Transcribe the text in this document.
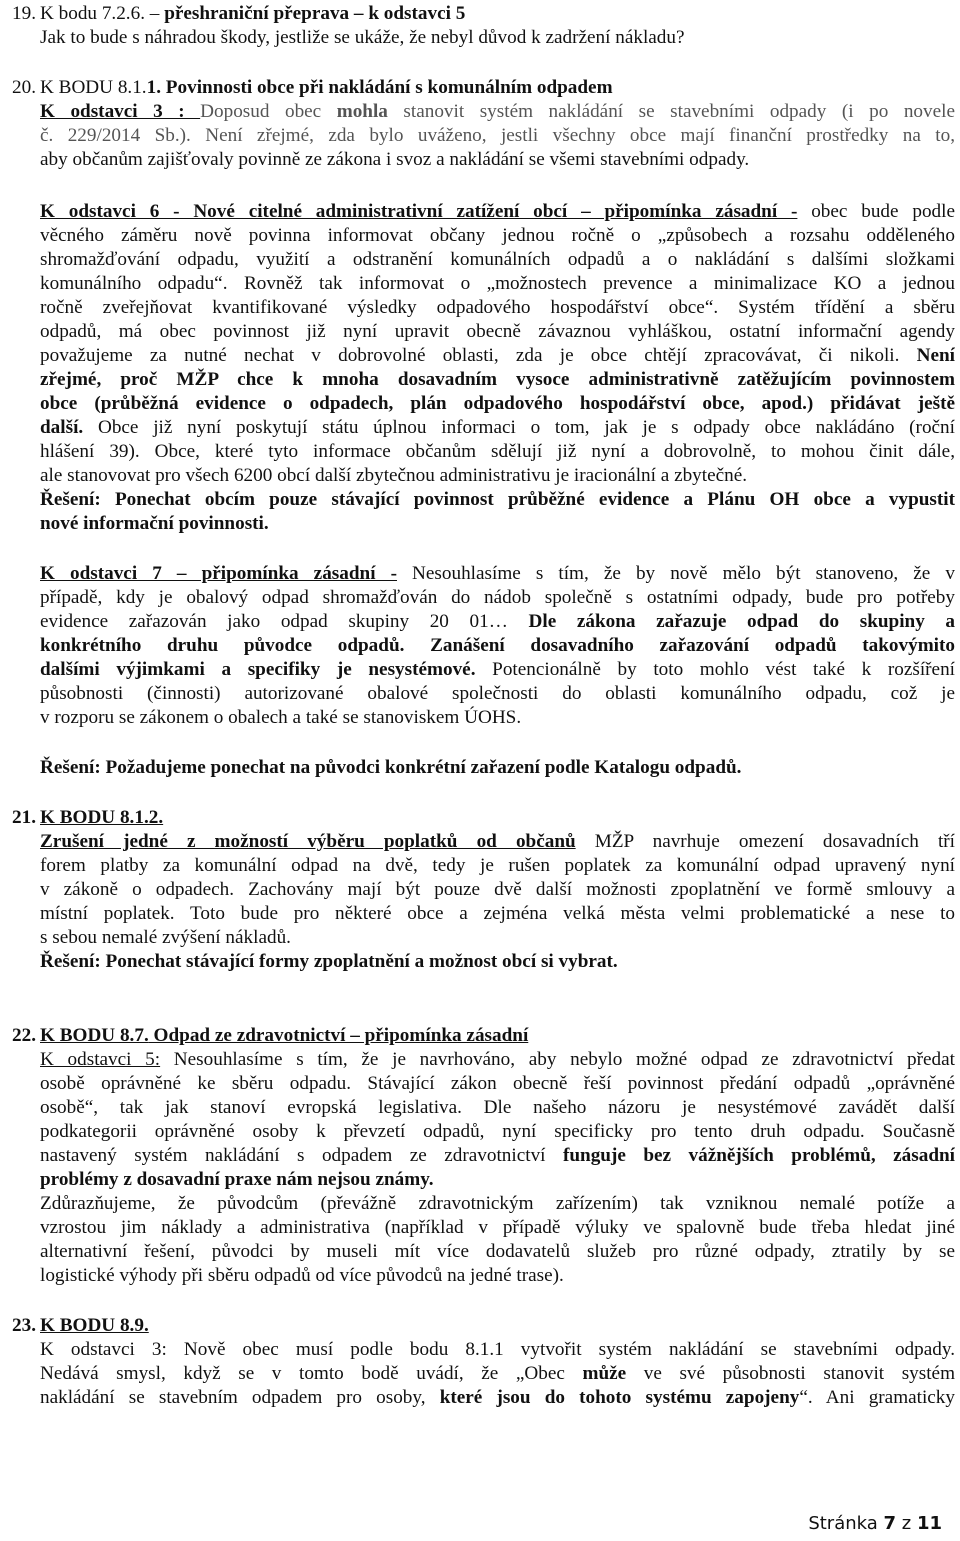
19. K bodu 7.2.6. – přeshraniční přeprava – k odstavci 5
Jak to bude s náhradou škody, jestliže se ukáže, že nebyl důvod k zadržení nákladu?
20. K BODU 8.1.1. Povinnosti obce při nakládání s komunálním odpadem
K odstavci 3 : Doposud obec mohla stanovit systém nakládání se stavebními odpady (i po novele
č. 229/2014 Sb.). Není zřejmé, zda bylo uváženo, jestli všechny obce mají finanční prostředky na to,
aby občanům zajišťovaly povinně ze zákona i svoz a nakládání se všemi stavebními odpady.
K odstavci 6 - Nové citelné administrativní zatížení obcí – připomínka zásadní - obec bude podle
věcného záměru nově povinna informovat občany jednou ročně o „způsobech a rozsahu odděleného
shromažďování odpadu, využití a odstranění komunálních odpadů a o nakládání s dalšími složkami
komunálního odpadu“. Rovněž tak informovat o „možnostech prevence a minimalizace KO a jednou
ročně zveřejňovat kvantifikované výsledky odpadového hospodářství obce“. Systém třídění a sběru
odpadů, má obec povinnost již nyní upravit obecně závaznou vyhláškou, ostatní informační agendy
považujeme za nutné nechat v dobrovolné oblasti, zda je obce chtějí zpracovávat, či nikoli. Není
zřejmé, proč MŽP chce k mnoha dosavadním vysoce administrativně zatěžujícím povinnostem
obce (průběžná evidence o odpadech, plán odpadového hospodářství obce, apod.) přidávat ještě
další. Obce již nyní poskytují státu úplnou informaci o tom, jak je s odpady obce nakládáno (roční
hlášení 39). Obce, které tyto informace občanům sdělují již nyní a dobrovolně, to mohou činit dále,
ale stanovovat pro všech 6200 obcí další zbytečnou administrativu je iracionální a zbytečné.
Řešení: Ponechat obcím pouze stávající povinnost průběžné evidence a Plánu OH obce a vypustit
nové informační povinnosti.
K odstavci 7 – připomínka zásadní - Nesouhlasíme s tím, že by nově mělo být stanoveno, že v
případě, kdy je obalový odpad shromažďován do nádob společně s ostatními odpady, bude pro potřeby
evidence zařazován jako odpad skupiny 20 01… Dle zákona zařazuje odpad do skupiny a
konkrétního druhu původce odpadů. Zanášení dosavadního zařazování odpadů takovýmito
dalšími výjimkami a specifiky je nesystémové. Potencionálně by toto mohlo vést také k rozšíření
působnosti (činnosti) autorizované obalové společnosti do oblasti komunálního odpadu, což je
v rozporu se zákonem o obalech a také se stanoviskem ÚOHS.
Řešení: Požadujeme ponechat na původci konkrétní zařazení podle Katalogu odpadů.
21. K BODU 8.1.2.
Zrušení jedné z možností výběru poplatků od občanů MŽP navrhuje omezení dosavadních tří
forem platby za komunální odpad na dvě, tedy je rušen poplatek za komunální odpad upravený nyní
v zákoně o odpadech. Zachovány mají být pouze dvě další možnosti zpoplatnění ve formě smlouvy a
místní poplatek. Toto bude pro některé obce a zejména velká města velmi problematické a nese to
s sebou nemalé zvýšení nákladů.
Řešení: Ponechat stávající formy zpoplatnění a možnost obcí si vybrat.
22. K BODU 8.7. Odpad ze zdravotnictví – připomínka zásadní
K odstavci 5: Nesouhlasíme s tím, že je navrhováno, aby nebylo možné odpad ze zdravotnictví předat
osobě oprávněné ke sběru odpadu. Stávající zákon obecně řeší povinnost předání odpadů „oprávněné
osobě“, tak jak stanoví evropská legislativa. Dle našeho názoru je nesystémové zavádět další
podkategorii oprávněné osoby k převzetí odpadů, nyní specificky pro tento druh odpadu. Současně
nastavený systém nakládání s odpadem ze zdravotnictví funguje bez vážnějších problémů, zásadní
problémy z dosavadní praxe nám nejsou známy.
Zdůrazňujeme, že původcům (převážně zdravotnickým zařízením) tak vzniknou nemalé potíže a
vzrostou jim náklady a administrativa (například v případě výluky ve spalovně bude třeba hledat jiné
alternativní řešení, původci by museli mít více dodavatelů služeb pro různé odpady, ztratily by se
logistické výhody při sběru odpadů od více původců na jedné trase).
23. K BODU 8.9.
K odstavci 3: Nově obec musí podle bodu 8.1.1 vytvořit systém nakládání se stavebními odpady.
Nedává smysl, když se v tomto bodě uvádí, že „Obec může ve své působnosti stanovit systém
nakládání se stavebním odpadem pro osoby, které jsou do tohoto systému zapojeny“. Ani gramaticky
Stránka 7 z 11
